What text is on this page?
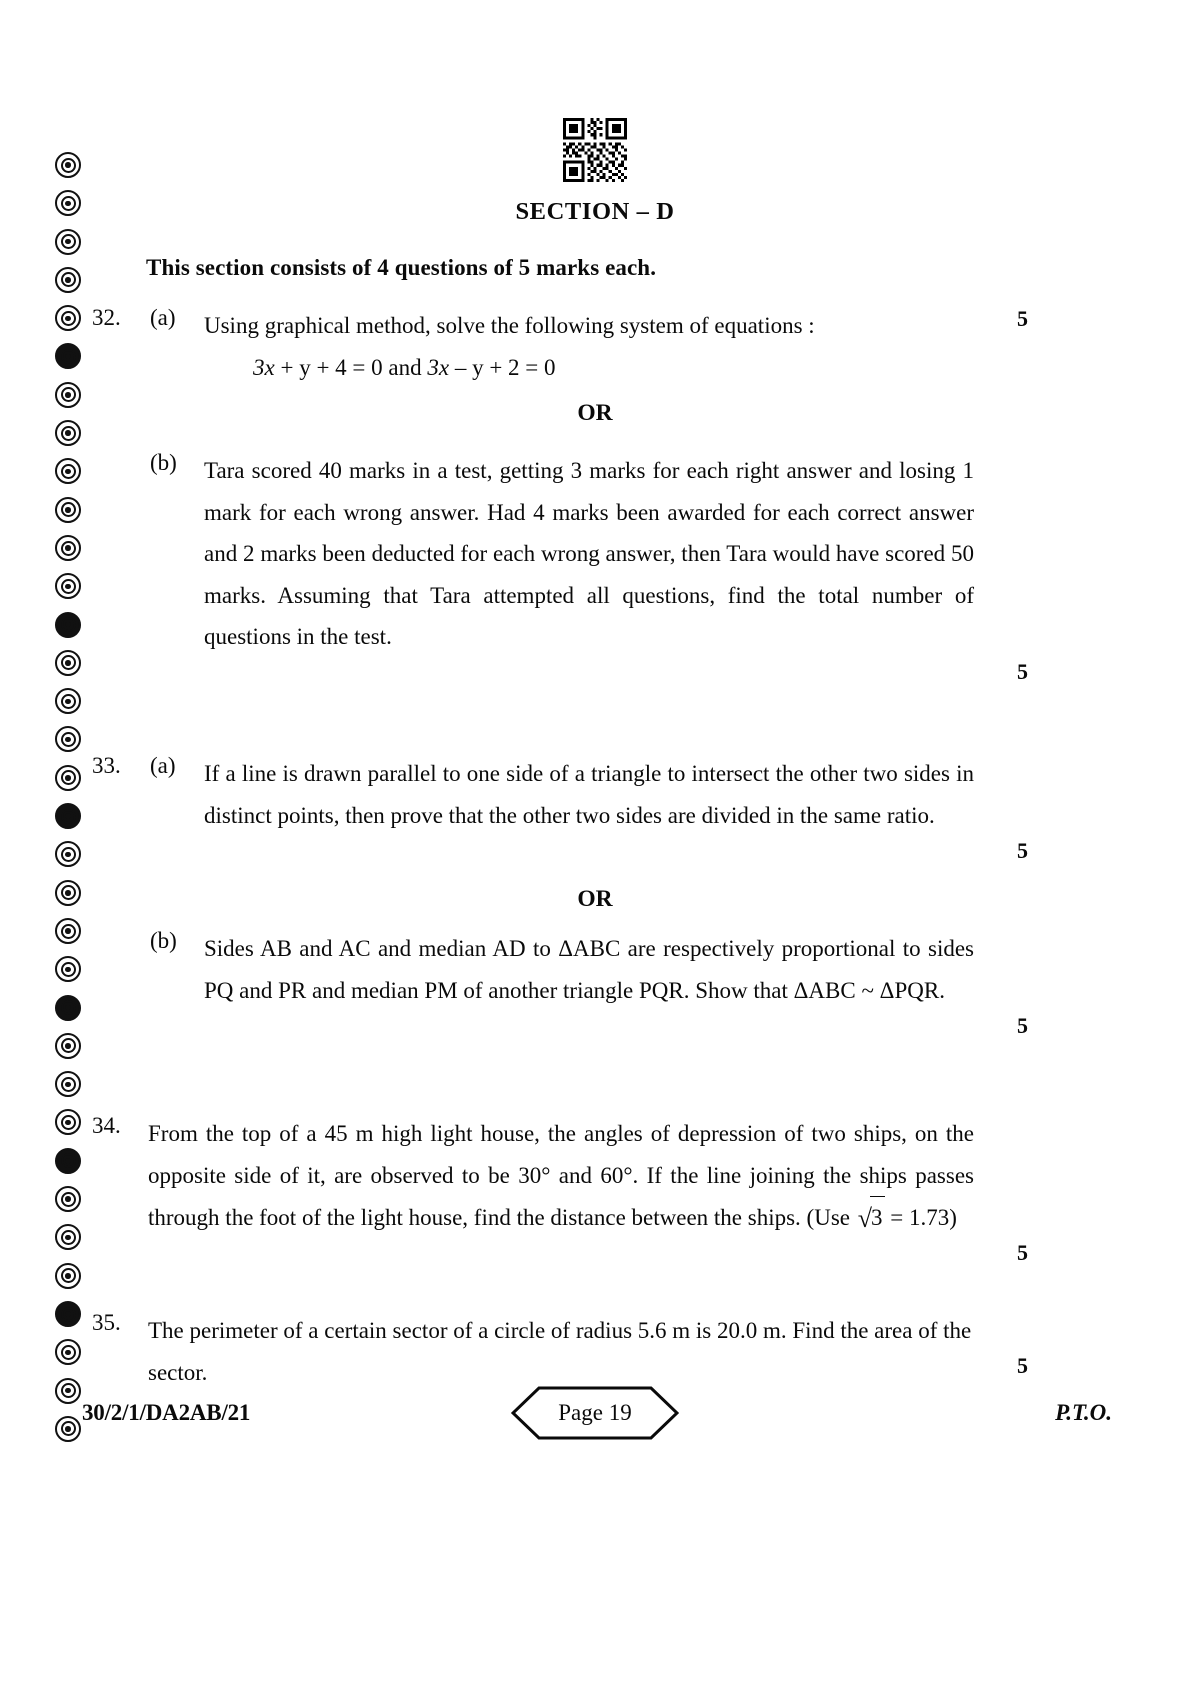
SECTION – D
This section consists of 4 questions of 5 marks each.
32.	(a)	Using graphical method, solve the following system of equations :	5
3x + y + 4 = 0 and 3x – y + 2 = 0
OR
(b)	Tara scored 40 marks in a test, getting 3 marks for each right answer and losing 1 mark for each wrong answer. Had 4 marks been awarded for each correct answer and 2 marks been deducted for each wrong answer, then Tara would have scored 50 marks. Assuming that Tara attempted all questions, find the total number of questions in the test.
5
33.	(a)	If a line is drawn parallel to one side of a triangle to intersect the other two sides in distinct points, then prove that the other two sides are divided in the same ratio.
5
OR
(b)	Sides AB and AC and median AD to ΔABC are respectively proportional to sides PQ and PR and median PM of another triangle PQR. Show that ΔABC ~ ΔPQR.
5
34.	From the top of a 45 m high light house, the angles of depression of two ships, on the opposite side of it, are observed to be 30° and 60°. If the line joining the ships passes through the foot of the light house, find the distance between the ships. (Use √3 = 1.73)
5
35.	The perimeter of a certain sector of a circle of radius 5.6 m is 20.0 m. Find the area of the sector.	5
30/2/1/DA2AB/21	Page 19	P.T.O.
